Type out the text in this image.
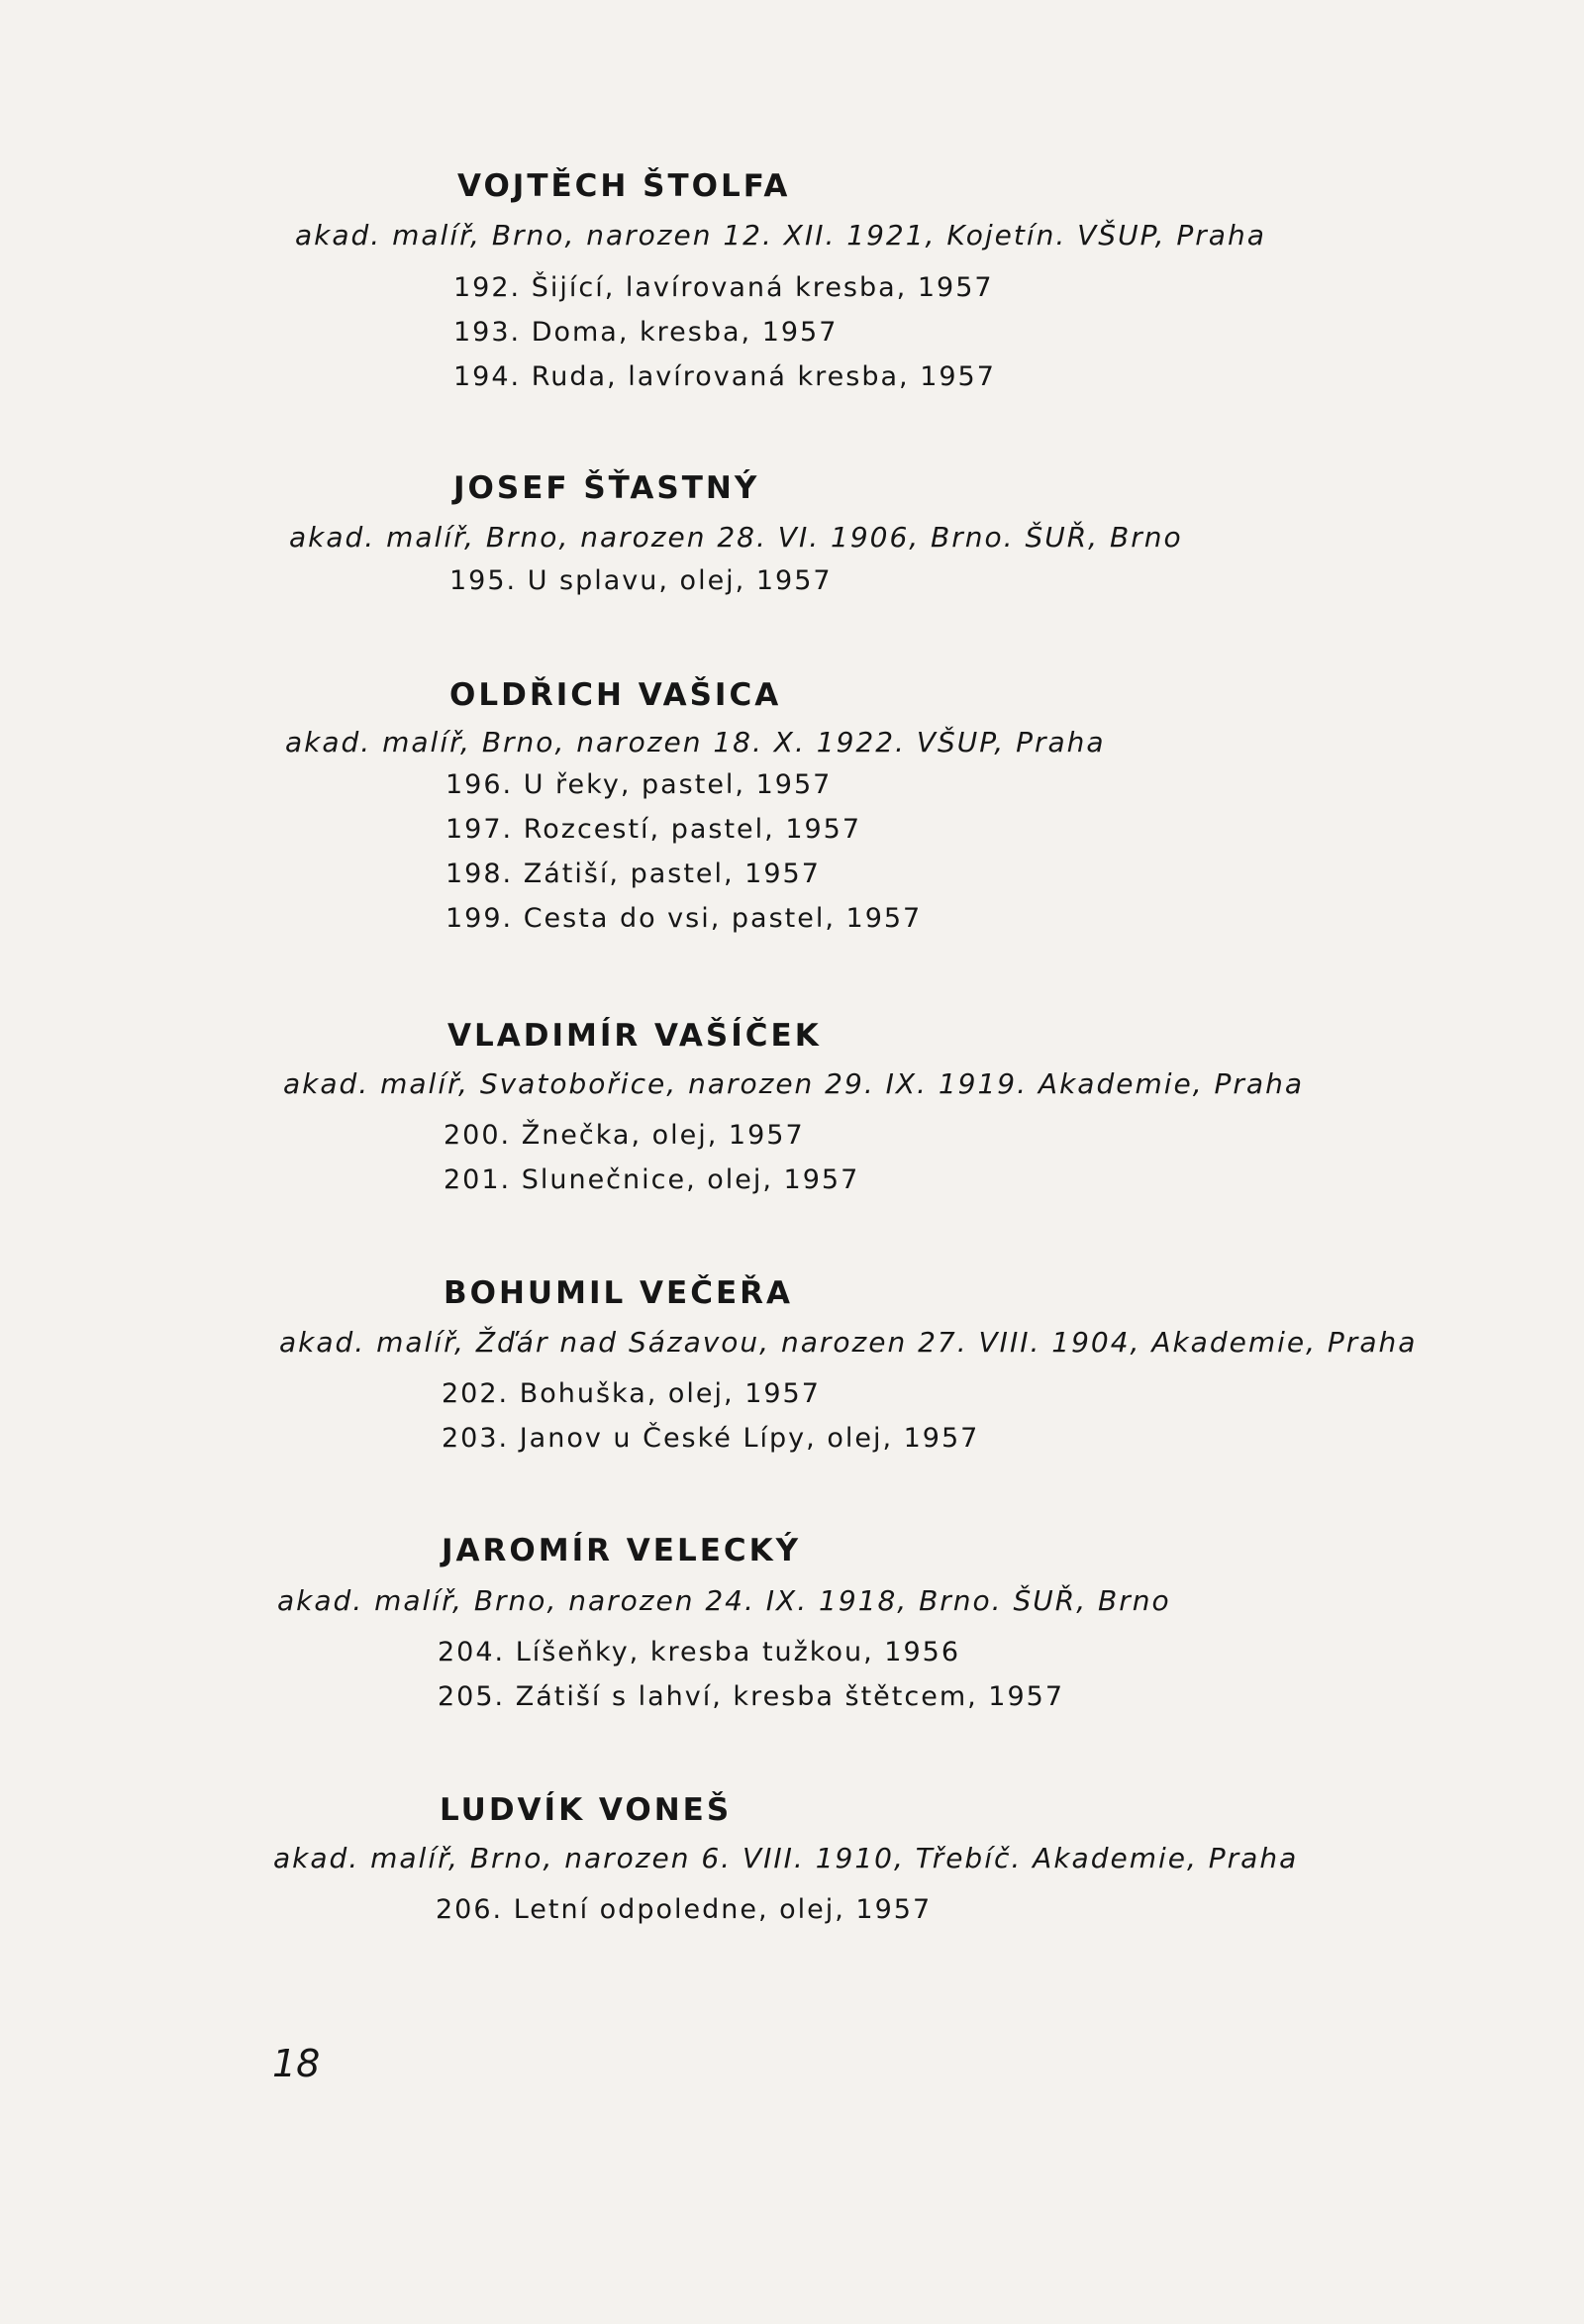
VOJTĚCH ŠTOLFA

akad. malíř, Brno, narozen 12. XII. 1921, Kojetín. VŠUP, Praha

192. Šijící, lavírovaná kresba, 1957
193. Doma, kresba, 1957
194. Ruda, lavírovaná kresba, 1957
JOSEF ŠŤASTNÝ

akad. malíř, Brno, narozen 28. VI. 1906, Brno. ŠUŘ, Brno

195. U splavu, olej, 1957
OLDŘICH VAŠICA

akad. malíř, Brno, narozen 18. X. 1922. VŠUP, Praha

196. U řeky, pastel, 1957
197. Rozcestí, pastel, 1957
198. Zátiší, pastel, 1957
199. Cesta do vsi, pastel, 1957
VLADIMÍR VAŠÍČEK

akad. malíř, Svatobořice, narozen 29. IX. 1919. Akademie, Praha

200. Žnečka, olej, 1957
201. Slunečnice, olej, 1957
BOHUMIL VEČEŘA

akad. malíř, Žďár nad Sázavou, narozen 27. VIII. 1904, Akademie, Praha

202. Bohuška, olej, 1957
203. Janov u České Lípy, olej, 1957
JAROMÍR VELECKÝ

akad. malíř, Brno, narozen 24. IX. 1918, Brno. ŠUŘ, Brno

204. Líšeňky, kresba tužkou, 1956
205. Zátiší s lahví, kresba štětcem, 1957
LUDVÍK VONEŠ

akad. malíř, Brno, narozen 6. VIII. 1910, Třebíč. Akademie, Praha

206. Letní odpoledne, olej, 1957
18
